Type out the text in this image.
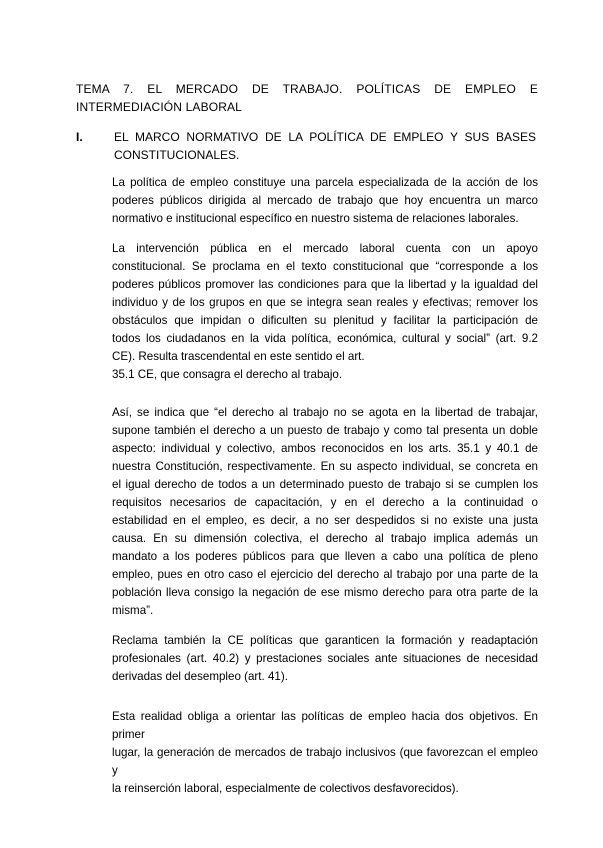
TEMA 7. EL MERCADO DE TRABAJO. POLÍTICAS DE EMPLEO E INTERMEDIACIÓN LABORAL
I.	EL MARCO NORMATIVO DE LA POLÍTICA DE EMPLEO Y SUS BASES CONSTITUCIONALES.
La política de empleo constituye una parcela especializada de la acción de los
poderes públicos dirigida al mercado de trabajo que hoy encuentra un marco
normativo e institucional específico en nuestro sistema de relaciones laborales.
La intervención pública en el mercado laboral cuenta con un apoyo
constitucional. Se proclama en el texto constitucional que “corresponde a los
poderes públicos promover las condiciones para que la libertad y la igualdad del
individuo y de los grupos en que se integra sean reales y efectivas; remover los
obstáculos que impidan o dificulten su plenitud y facilitar la participación de
todos los ciudadanos en la vida política, económica, cultural y social” (art. 9.2
CE). Resulta trascendental en este sentido el art.
35.1 CE, que consagra el derecho al trabajo.
Así, se indica que “el derecho al trabajo no se agota en la libertad de trabajar,
supone también el derecho a un puesto de trabajo y como tal presenta un doble
aspecto: individual y colectivo, ambos reconocidos en los arts. 35.1 y 40.1 de
nuestra Constitución, respectivamente. En su aspecto individual, se concreta en
el igual derecho de todos a un determinado puesto de trabajo si se cumplen los
requisitos necesarios de capacitación, y en el derecho a la continuidad o
estabilidad en el empleo, es decir, a no ser despedidos si no existe una justa
causa. En su dimensión colectiva, el derecho al trabajo implica además un
mandato a los poderes públicos para que lleven a cabo una política de pleno
empleo, pues en otro caso el ejercicio del derecho al trabajo por una parte de la
población lleva consigo la negación de ese mismo derecho para otra parte de la
misma”.
Reclama también la CE políticas que garanticen la formación y readaptación
profesionales (art. 40.2) y prestaciones sociales ante situaciones de necesidad
derivadas del desempleo (art. 41).
Esta realidad obliga a orientar las políticas de empleo hacia dos objetivos. En primer
lugar, la generación de mercados de trabajo inclusivos (que favorezcan el empleo y
la reinserción laboral, especialmente de colectivos desfavorecidos).
